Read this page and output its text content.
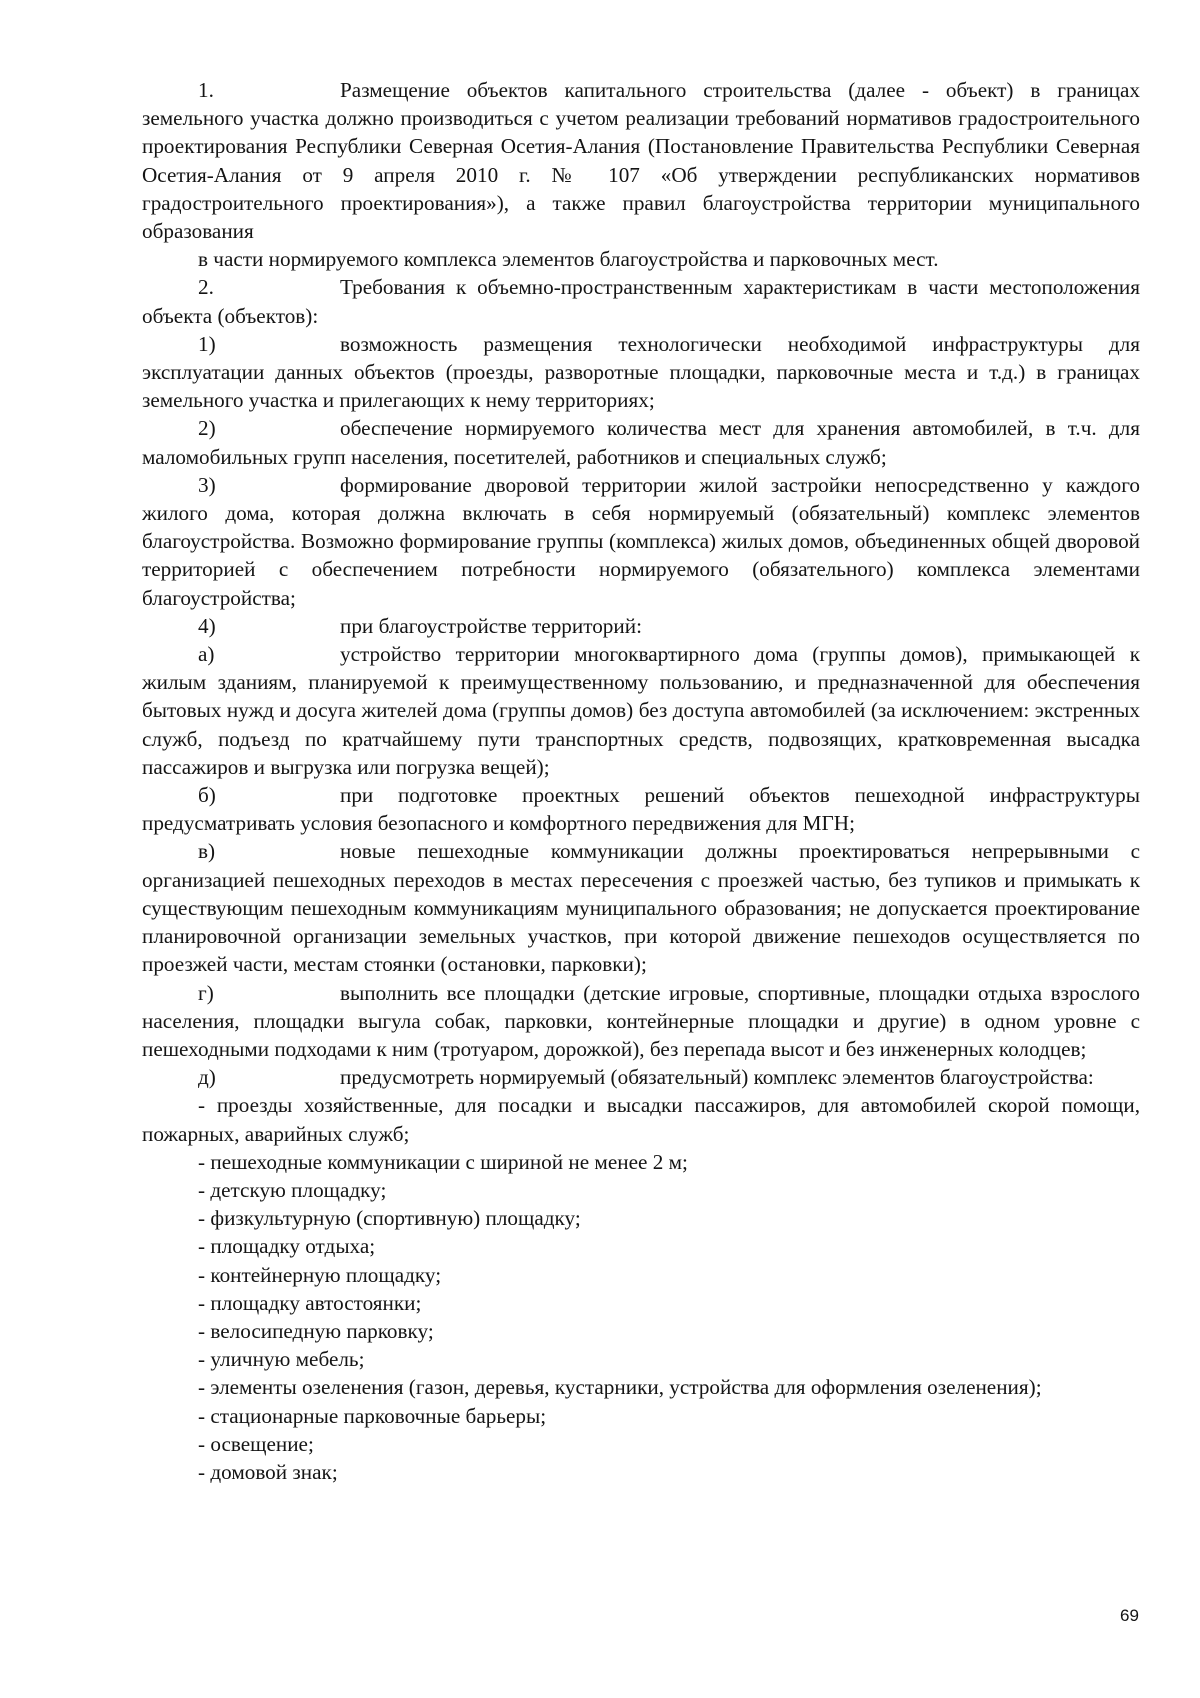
1.	Размещение объектов капитального строительства (далее - объект) в границах земельного участка должно производиться с учетом реализации требований нормативов градостроительного проектирования Республики Северная Осетия-Алания (Постановление Правительства Республики Северная Осетия-Алания от 9 апреля 2010 г. № 107 «Об утверждении республиканских нормативов градостроительного проектирования»), а также правил благоустройства территории муниципального образования

в части нормируемого комплекса элементов благоустройства и парковочных мест.

2.	Требования к объемно-пространственным характеристикам в части местоположения объекта (объектов):

1)	возможность размещения технологически необходимой инфраструктуры для эксплуатации данных объектов (проезды, разворотные площадки, парковочные места и т.д.) в границах земельного участка и прилегающих к нему территориях;

2)	обеспечение нормируемого количества мест для хранения автомобилей, в т.ч. для маломобильных групп населения, посетителей, работников и специальных служб;

3)	формирование дворовой территории жилой застройки непосредственно у каждого жилого дома, которая должна включать в себя нормируемый (обязательный) комплекс элементов благоустройства. Возможно формирование группы (комплекса) жилых домов, объединенных общей дворовой территорией с обеспечением потребности нормируемого (обязательного) комплекса элементами благоустройства;

4)	при благоустройстве территорий:

а)	устройство территории многоквартирного дома (группы домов), примыкающей к жилым зданиям, планируемой к преимущественному пользованию, и предназначенной для обеспечения бытовых нужд и досуга жителей дома (группы домов) без доступа автомобилей (за исключением: экстренных служб, подъезд по кратчайшему пути транспортных средств, подвозящих, кратковременная высадка пассажиров и выгрузка или погрузка вещей);

б)	при подготовке проектных решений объектов пешеходной инфраструктуры предусматривать условия безопасного и комфортного передвижения для МГН;

в)	новые пешеходные коммуникации должны проектироваться непрерывными с организацией пешеходных переходов в местах пересечения с проезжей частью, без тупиков и примыкать к существующим пешеходным коммуникациям муниципального образования; не допускается проектирование планировочной организации земельных участков, при которой движение пешеходов осуществляется по проезжей части, местам стоянки (остановки, парковки);

г)	выполнить все площадки (детские игровые, спортивные, площадки отдыха взрослого населения, площадки выгула собак, парковки, контейнерные площадки и другие) в одном уровне с пешеходными подходами к ним (тротуаром, дорожкой), без перепада высот и без инженерных колодцев;

д)	предусмотреть нормируемый (обязательный) комплекс элементов благоустройства:

- проезды хозяйственные, для посадки и высадки пассажиров, для автомобилей скорой помощи, пожарных, аварийных служб;

- пешеходные коммуникации с шириной не менее 2 м;

- детскую площадку;

- физкультурную (спортивную) площадку;

- площадку отдыха;

- контейнерную площадку;

- площадку автостоянки;

- велосипедную парковку;

- уличную мебель;

- элементы озеленения (газон, деревья, кустарники, устройства для оформления озеленения);

- стационарные парковочные барьеры;

- освещение;

- домовой знак;

69
